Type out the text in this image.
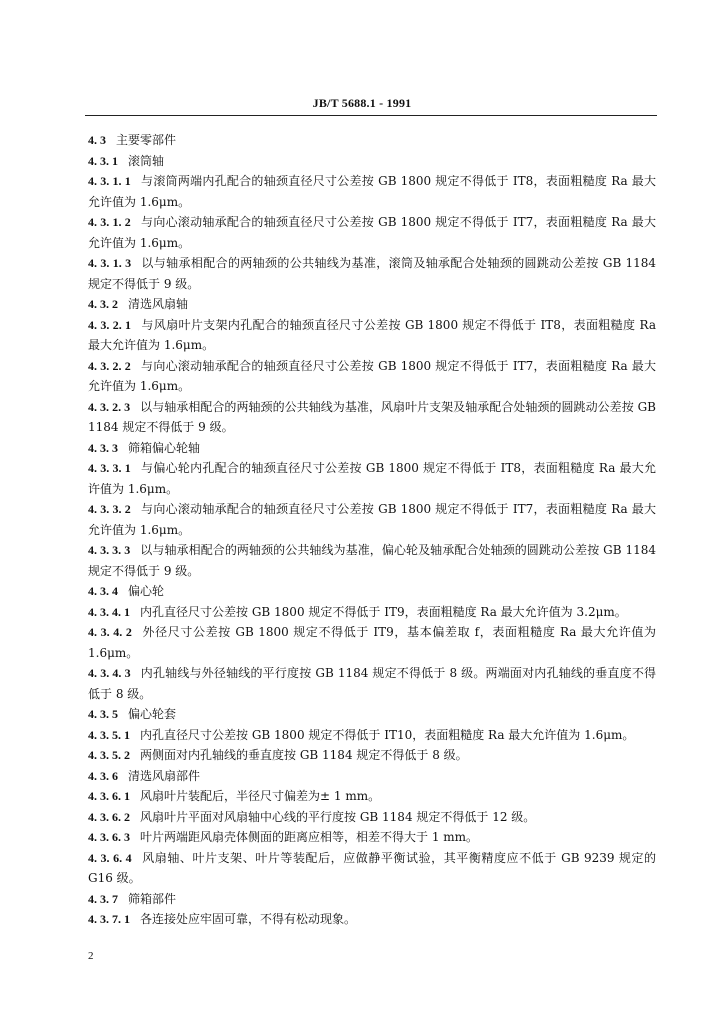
JB/T 5688.1 - 1991
4. 3 主要零部件
4. 3. 1 滚筒轴
4. 3. 1. 1 与滚筒两端内孔配合的轴颈直径尺寸公差按 GB 1800 规定不得低于 IT8，表面粗糙度 Ra 最大允许值为 1.6μm。
4. 3. 1. 2 与向心滚动轴承配合的轴颈直径尺寸公差按 GB 1800 规定不得低于 IT7，表面粗糙度 Ra 最大允许值为 1.6μm。
4. 3. 1. 3 以与轴承相配合的两轴颈的公共轴线为基准，滚筒及轴承配合处轴颈的圆跳动公差按 GB 1184 规定不得低于 9 级。
4. 3. 2 清选风扇轴
4. 3. 2. 1 与风扇叶片支架内孔配合的轴颈直径尺寸公差按 GB 1800 规定不得低于 IT8，表面粗糙度 Ra 最大允许值为 1.6μm。
4. 3. 2. 2 与向心滚动轴承配合的轴颈直径尺寸公差按 GB 1800 规定不得低于 IT7，表面粗糙度 Ra 最大允许值为 1.6μm。
4. 3. 2. 3 以与轴承相配合的两轴颈的公共轴线为基准，风扇叶片支架及轴承配合处轴颈的圆跳动公差按 GB 1184 规定不得低于 9 级。
4. 3. 3 筛箱偏心轮轴
4. 3. 3. 1 与偏心轮内孔配合的轴颈直径尺寸公差按 GB 1800 规定不得低于 IT8，表面粗糙度 Ra 最大允许值为 1.6μm。
4. 3. 3. 2 与向心滚动轴承配合的轴颈直径尺寸公差按 GB 1800 规定不得低于 IT7，表面粗糙度 Ra 最大允许值为 1.6μm。
4. 3. 3. 3 以与轴承相配合的两轴颈的公共轴线为基准，偏心轮及轴承配合处轴颈的圆跳动公差按 GB 1184 规定不得低于 9 级。
4. 3. 4 偏心轮
4. 3. 4. 1 内孔直径尺寸公差按 GB 1800 规定不得低于 IT9，表面粗糙度 Ra 最大允许值为 3.2μm。
4. 3. 4. 2 外径尺寸公差按 GB 1800 规定不得低于 IT9，基本偏差取 f，表面粗糙度 Ra 最大允许值为 1.6μm。
4. 3. 4. 3 内孔轴线与外径轴线的平行度按 GB 1184 规定不得低于 8 级。两端面对内孔轴线的垂直度不得低于 8 级。
4. 3. 5 偏心轮套
4. 3. 5. 1 内孔直径尺寸公差按 GB 1800 规定不得低于 IT10，表面粗糙度 Ra 最大允许值为 1.6μm。
4. 3. 5. 2 两侧面对内孔轴线的垂直度按 GB 1184 规定不得低于 8 级。
4. 3. 6 清选风扇部件
4. 3. 6. 1 风扇叶片装配后，半径尺寸偏差为± 1 mm。
4. 3. 6. 2 风扇叶片平面对风扇轴中心线的平行度按 GB 1184 规定不得低于 12 级。
4. 3. 6. 3 叶片两端距风扇壳体侧面的距离应相等，相差不得大于 1 mm。
4. 3. 6. 4 风扇轴、叶片支架、叶片等装配后，应做静平衡试验，其平衡精度应不低于 GB 9239 规定的 G16 级。
4. 3. 7 筛箱部件
4. 3. 7. 1 各连接处应牢固可靠，不得有松动现象。
2
